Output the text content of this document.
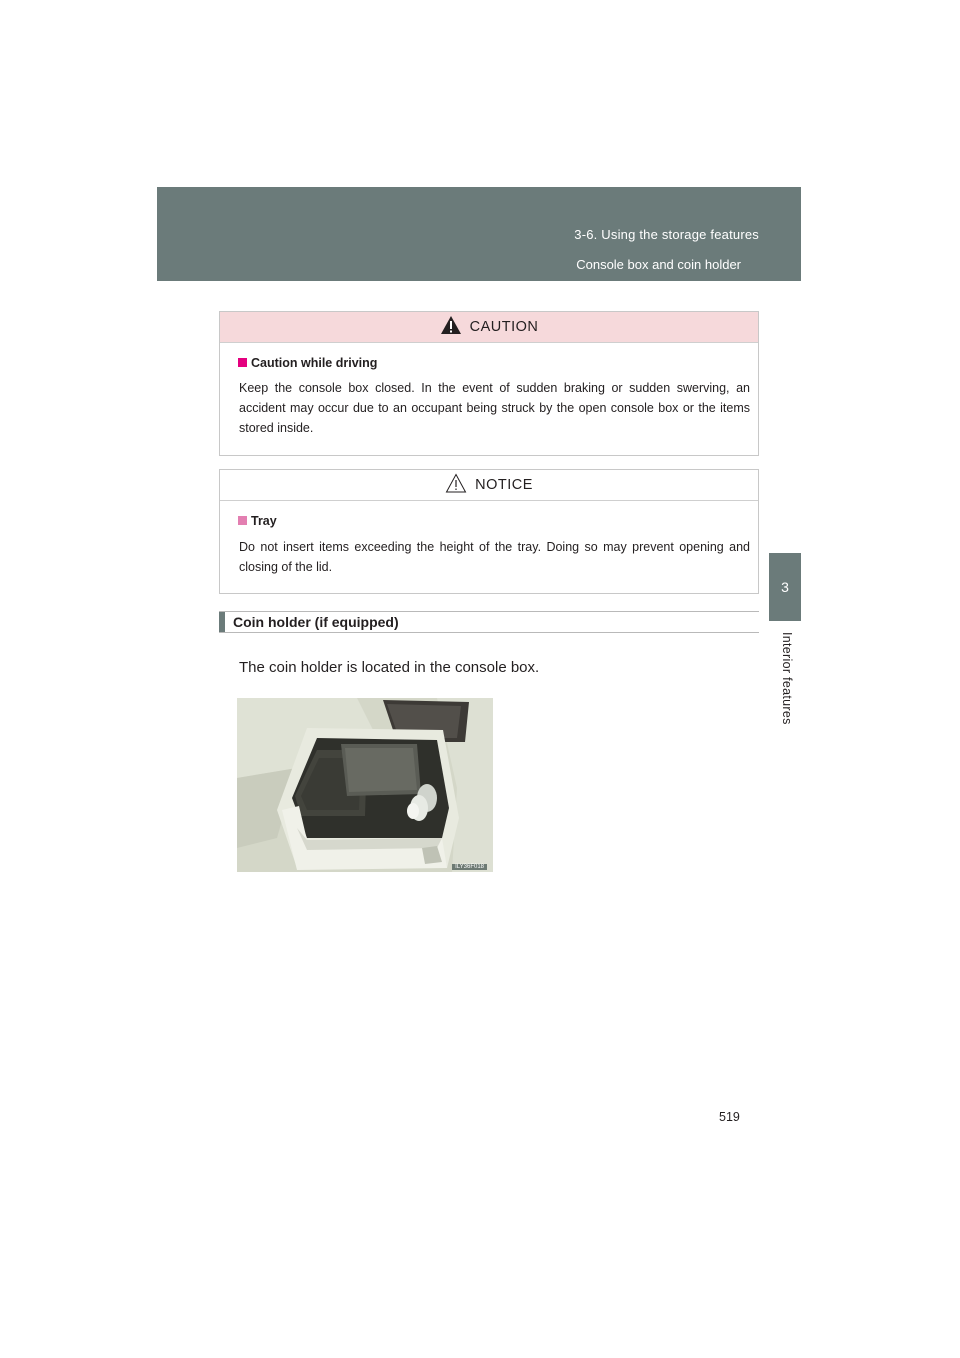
3-6. Using the storage features
Console box and coin holder
3
Interior features
CAUTION
Caution while driving
Keep the console box closed. In the event of sudden braking or sudden swerving, an accident may occur due to an occupant being struck by the open console box or the items stored inside.
NOTICE
Tray
Do not insert items exceeding the height of the tray. Doing so may prevent opening and closing of the lid.
Coin holder (if equipped)
The coin holder is located in the console box.
ILY36F018
519
